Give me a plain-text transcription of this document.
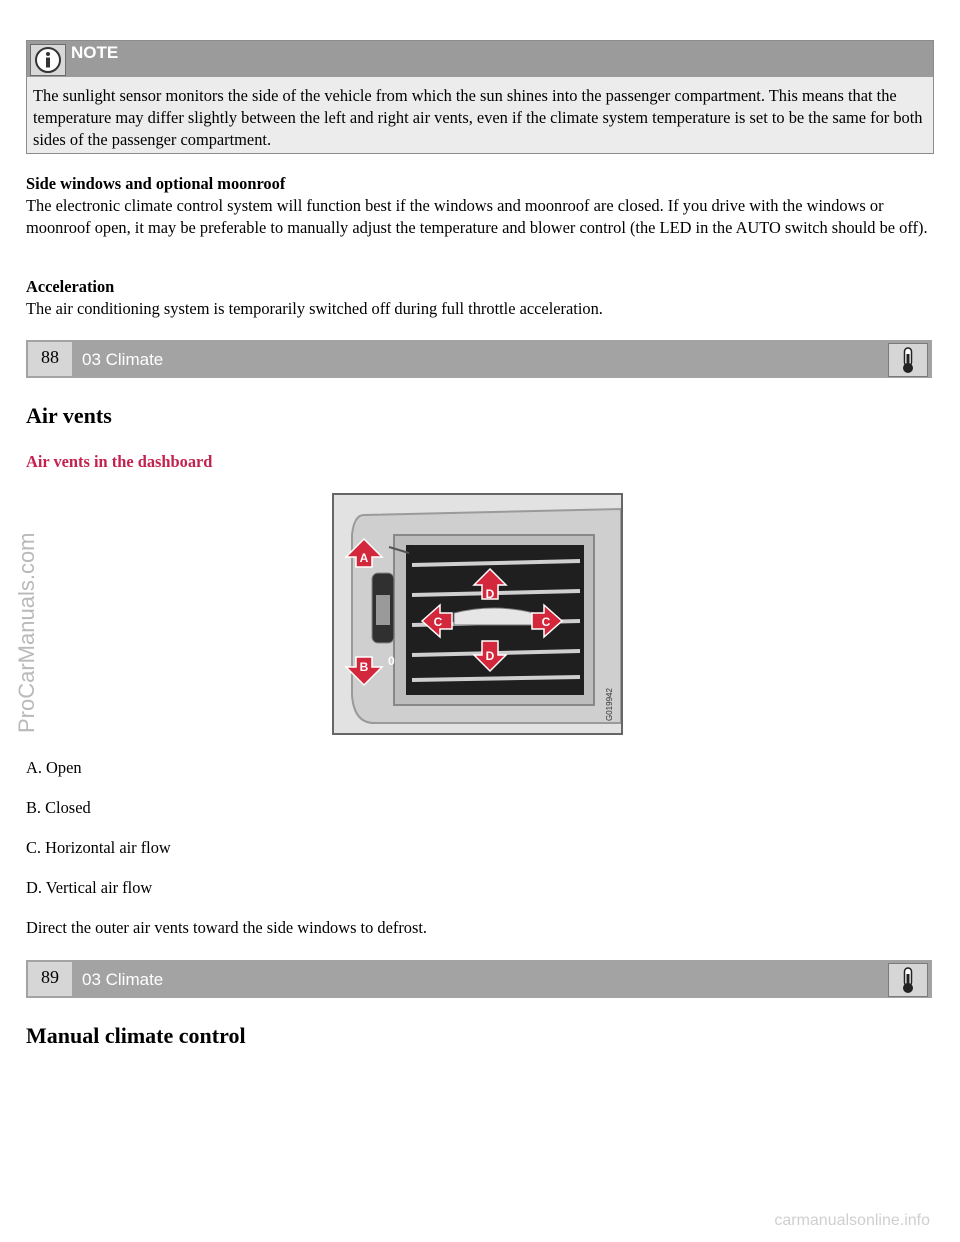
NOTE
The sunlight sensor monitors the side of the vehicle from which the sun shines into the passenger compartment. This means that the temperature may differ slightly between the left and right air vents, even if the climate system temperature is set to be the same for both sides of the passenger compartment.
Side windows and optional moonroof
The electronic climate control system will function best if the windows and moonroof are closed. If you drive with the windows or moonroof open, it may be preferable to manually adjust the temperature and blower control (the LED in the AUTO switch should be off).
Acceleration
The air conditioning system is temporarily switched off during full throttle acceleration.
88	03 Climate
Air vents
Air vents in the dashboard
A
B
D
D
C	C
0
G019942
A. Open
B. Closed
C. Horizontal air flow
D. Vertical air flow
Direct the outer air vents toward the side windows to defrost.
89	03 Climate
Manual climate control
ProCarManuals.com
carmanualsonline.info
